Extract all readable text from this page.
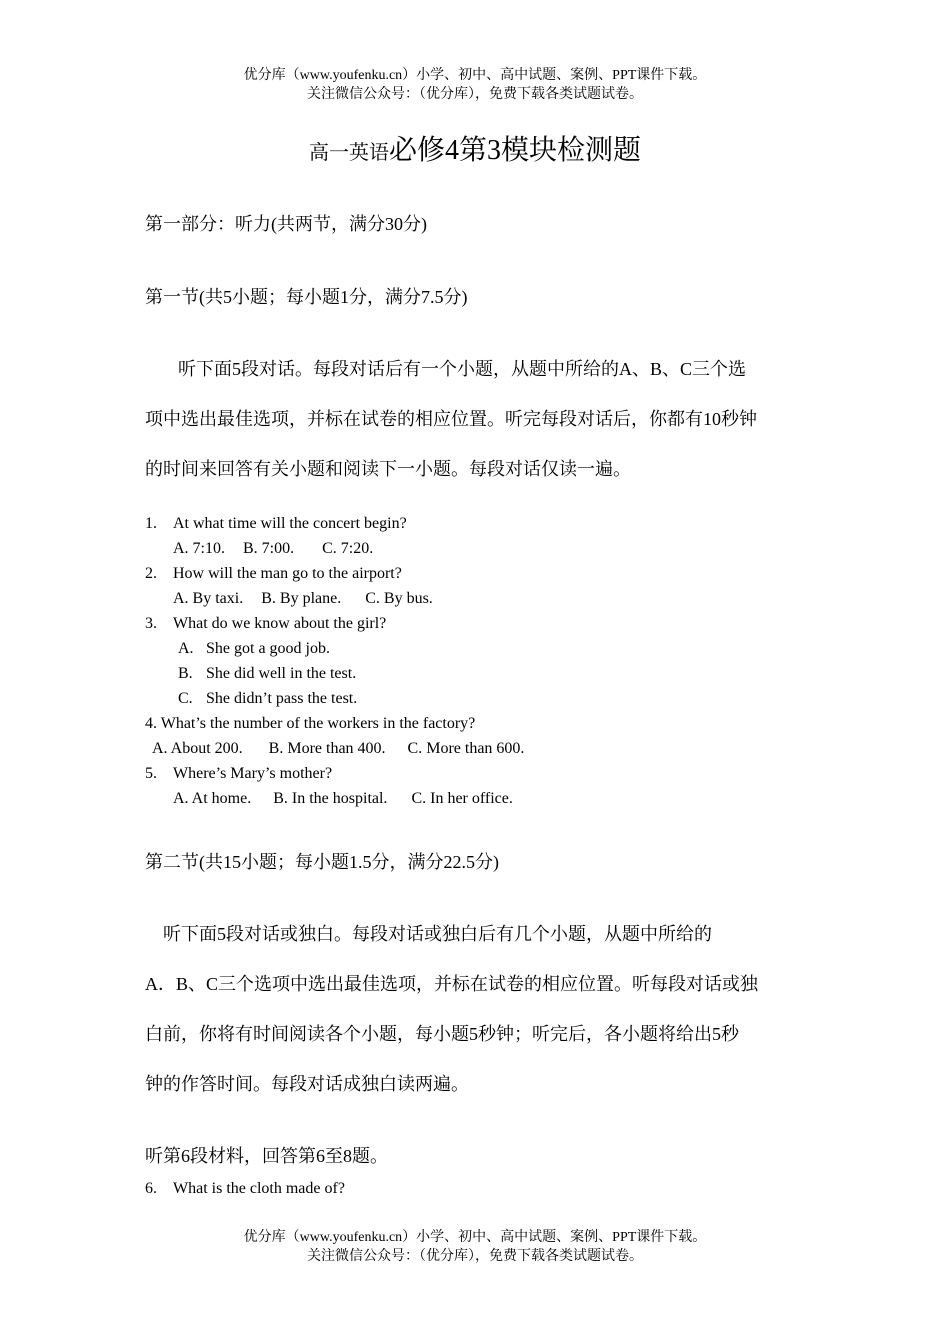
优分库（www.youfenku.cn）小学、初中、高中试题、案例、PPT课件下载。
关注微信公众号：（优分库），免费下载各类试题试卷。
高一英语必修4第3模块检测题
第一部分：听力(共两节，满分30分)
第一节(共5小题；每小题1分，满分7.5分)
听下面5段对话。每段对话后有一个小题，从题中所给的A、B、C三个选
项中选出最佳选项，并标在试卷的相应位置。听完每段对话后，你都有10秒钟
的时间来回答有关小题和阅读下一小题。每段对话仅读一遍。
1. At what time will the concert begin?
A. 7:10. B. 7:00. C. 7:20.
2. How will the man go to the airport?
A. By taxi. B. By plane. C. By bus.
3. What do we know about the girl?
A. She got a good job.
B. She did well in the test.
C. She didn’t pass the test.
4. What’s the number of the workers in the factory?
A. About 200. B. More than 400. C. More than 600.
5. Where’s Mary’s mother?
A. At home. B. In the hospital. C. In her office.
第二节(共15小题；每小题1.5分，满分22.5分)
听下面5段对话或独白。每段对话或独白后有几个小题，从题中所给的
A．B、C三个选项中选出最佳选项，并标在试卷的相应位置。听每段对话或独
白前，你将有时间阅读各个小题，每小题5秒钟；听完后，各小题将给出5秒
钟的作答时间。每段对话成独白读两遍。
听第6段材料，回答第6至8题。
6. What is the cloth made of?
优分库（www.youfenku.cn）小学、初中、高中试题、案例、PPT课件下载。
关注微信公众号：（优分库），免费下载各类试题试卷。
